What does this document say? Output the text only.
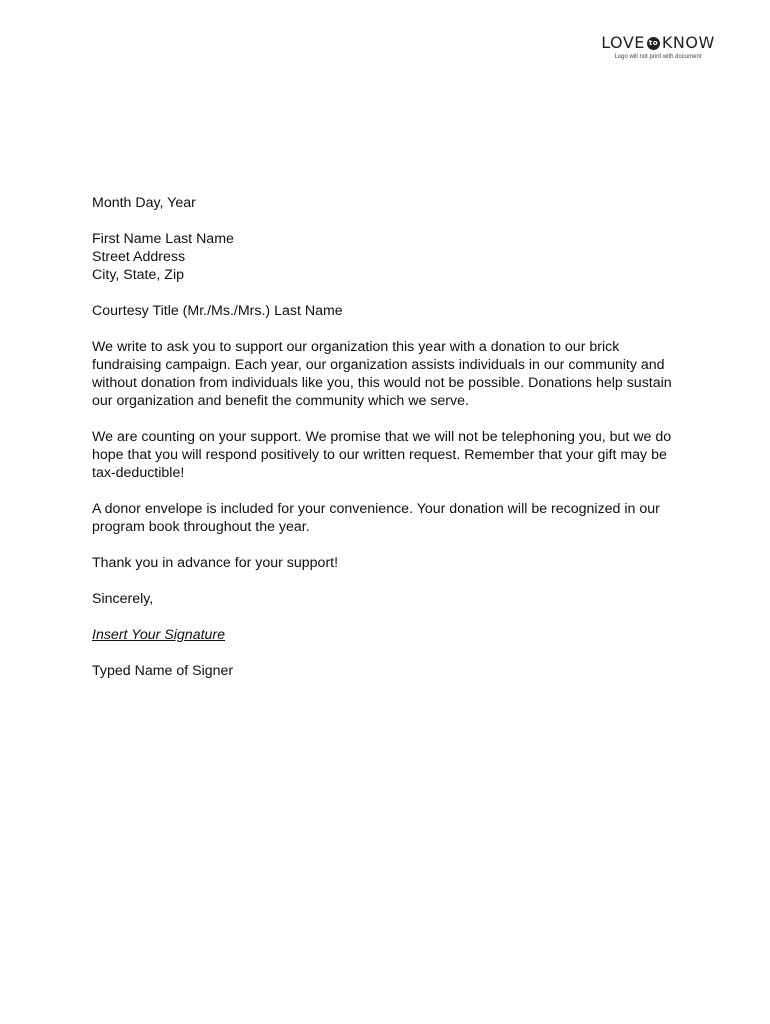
LOVE to KNOW
Logo will not print with document

Month Day, Year

First Name Last Name
Street Address
City, State, Zip

Courtesy Title (Mr./Ms./Mrs.) Last Name

We write to ask you to support our organization this year with a donation to our brick fundraising campaign. Each year, our organization assists individuals in our community and without donation from individuals like you, this would not be possible. Donations help sustain our organization and benefit the community which we serve.

We are counting on your support. We promise that we will not be telephoning you, but we do hope that you will respond positively to our written request. Remember that your gift may be tax-deductible!

A donor envelope is included for your convenience. Your donation will be recognized in our program book throughout the year.

Thank you in advance for your support!

Sincerely,

Insert Your Signature

Typed Name of Signer
